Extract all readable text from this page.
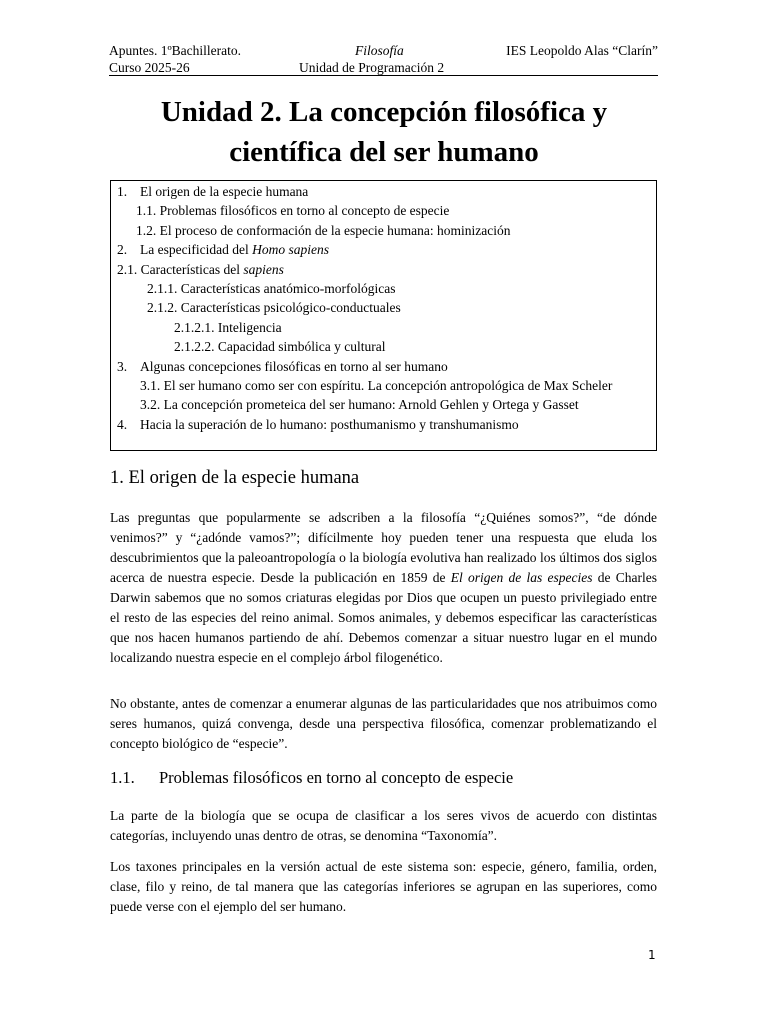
Apuntes. 1ºBachillerato.	Filosofía	IES Leopoldo Alas “Clarín”
Curso 2025-26	Unidad de Programación 2
Unidad 2. La concepción filosófica y
científica del ser humano
1. El origen de la especie humana
1.1. Problemas filosóficos en torno al concepto de especie
1.2. El proceso de conformación de la especie humana: hominización
2. La especificidad del Homo sapiens
2.1. Características del sapiens
2.1.1. Características anatómico-morfológicas
2.1.2. Características psicológico-conductuales
2.1.2.1. Inteligencia
2.1.2.2. Capacidad simbólica y cultural
3. Algunas concepciones filosóficas en torno al ser humano
3.1. El ser humano como ser con espíritu. La concepción antropológica de Max Scheler
3.2. La concepción prometeica del ser humano: Arnold Gehlen y Ortega y Gasset
4. Hacia la superación de lo humano: posthumanismo y transhumanismo
1. El origen de la especie humana

Las preguntas que popularmente se adscriben a la filosofía “¿Quiénes somos?”, “de dónde venimos?” y “¿adónde vamos?”; difícilmente hoy pueden tener una respuesta que eluda los descubrimientos que la paleoantropología o la biología evolutiva han realizado los últimos dos siglos acerca de nuestra especie. Desde la publicación en 1859 de El origen de las especies de Charles Darwin sabemos que no somos criaturas elegidas por Dios que ocupen un puesto privilegiado entre el resto de las especies del reino animal. Somos animales, y debemos especificar las características que nos hacen humanos partiendo de ahí. Debemos comenzar a situar nuestro lugar en el mundo localizando nuestra especie en el complejo árbol filogenético.

No obstante, antes de comenzar a enumerar algunas de las particularidades que nos atribuimos como seres humanos, quizá convenga, desde una perspectiva filosófica, comenzar problematizando el concepto biológico de “especie”.

1.1. Problemas filosóficos en torno al concepto de especie

La parte de la biología que se ocupa de clasificar a los seres vivos de acuerdo con distintas categorías, incluyendo unas dentro de otras, se denomina “Taxonomía”.

Los taxones principales en la versión actual de este sistema son: especie, género, familia, orden, clase, filo y reino, de tal manera que las categorías inferiores se agrupan en las superiores, como puede verse con el ejemplo del ser humano.

1
